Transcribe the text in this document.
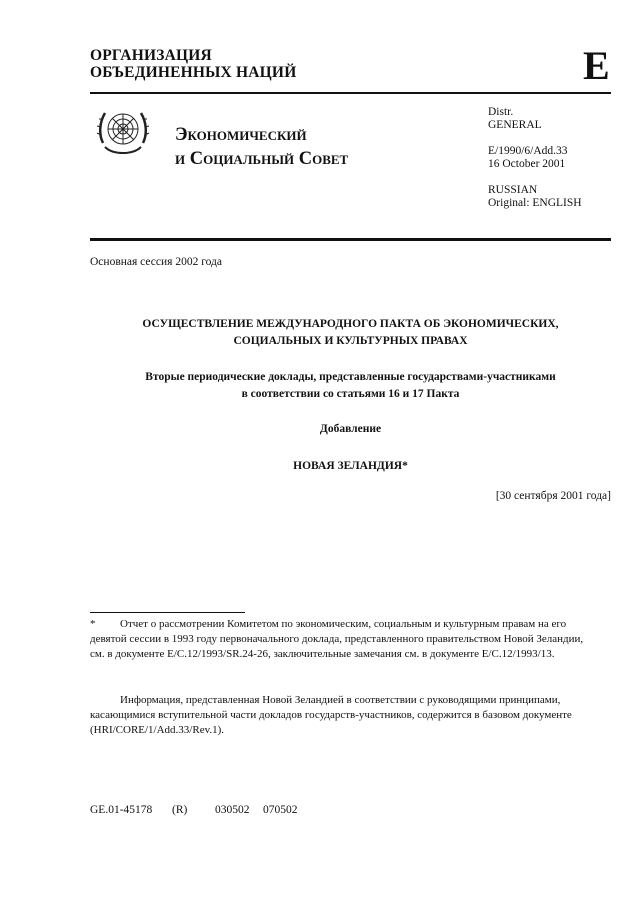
ОРГАНИЗАЦИЯ
ОБЪЕДИНЕННЫХ НАЦИЙ	E
Экономический
и Социальный Совет
Distr.
GENERAL
E/1990/6/Add.33
16 October 2001
RUSSIAN
Original: ENGLISH
Основная сессия 2002 года
ОСУЩЕСТВЛЕНИЕ МЕЖДУНАРОДНОГО ПАКТА ОБ ЭКОНОМИЧЕСКИХ,
СОЦИАЛЬНЫХ И КУЛЬТУРНЫХ ПРАВАХ
Вторые периодические доклады, представленные государствами-участниками
в соответствии со статьями 16 и 17 Пакта
Добавление
НОВАЯ ЗЕЛАНДИЯ*
[30 сентября 2001 года]
* Отчет о рассмотрении Комитетом по экономическим, социальным и культурным правам на его девятой сессии в 1993 году первоначального доклада, представленного правительством Новой Зеландии, см. в документе E/C.12/1993/SR.24-26, заключительные замечания см. в документе E/C.12/1993/13.
Информация, представленная Новой Зеландией в соответствии с руководящими принципами, касающимися вступительной части докладов государств-участников, содержится в базовом документе (HRI/CORE/1/Add.33/Rev.1).
GE.01-45178 (R) 030502 070502
